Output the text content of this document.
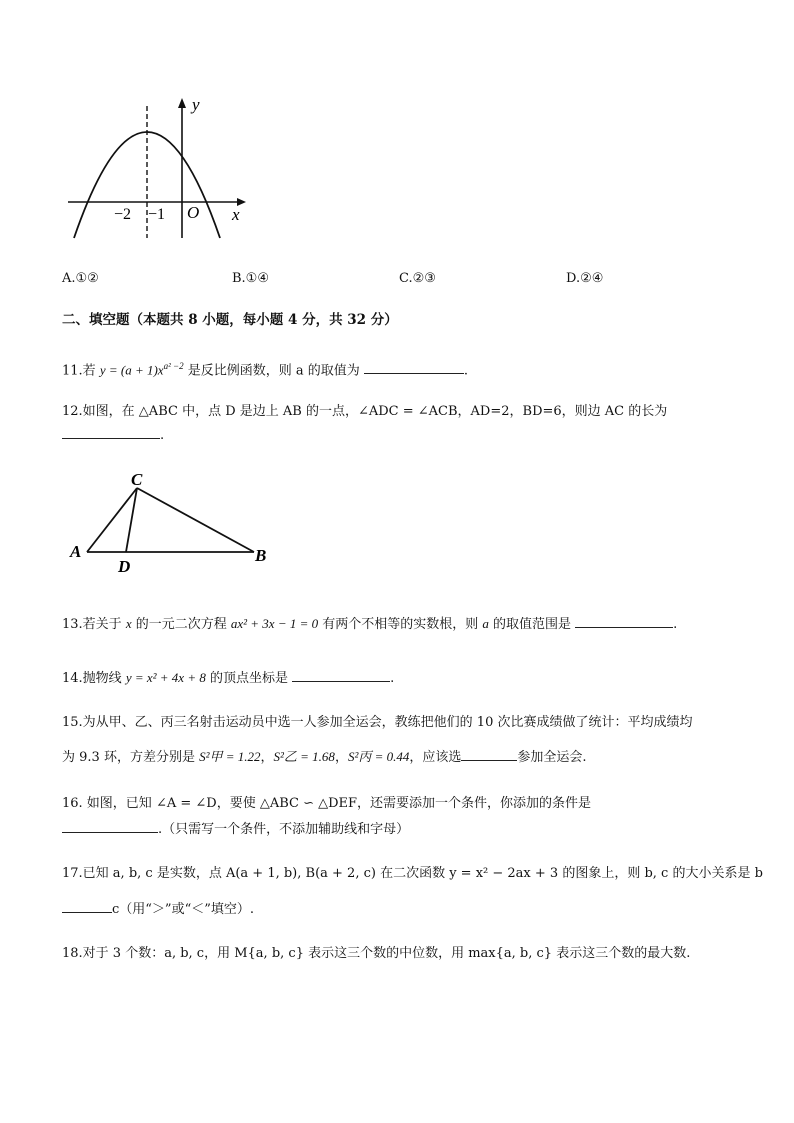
y
x
O
−2 −1
A.①②	B.①④	C.②③	D.②④
二、填空题（本题共 8 小题，每小题 4 分，共 32 分）
11.若 $y = (a + 1)x^{a^2 -2}$ 是反比例函数，则 a 的取值为	.
12.如图，在 △ABC 中，点 D 是边上 AB 的一点，∠ADC = ∠ACB，AD=2，BD=6，则边 AC 的长为
.
C
A	B
D
13.若关于 x 的一元二次方程 ax² + 3x − 1 = 0 有两个不相等的实数根，则 a 的取值范围是	.
14.抛物线 y = x² + 4x + 8 的顶点坐标是	.
15.为从甲、乙、丙三名射击运动员中选一人参加全运会，教练把他们的 10 次比赛成绩做了统计：平均成绩均
为 9.3 环，方差分别是 S²甲 = 1.22，S²乙 = 1.68，S²丙 = 0.44，应该选	参加全运会.
16. 如图，已知 ∠A = ∠D，要使 △ABC ∽ △DEF，还需要添加一个条件，你添加的条件是
.（只需写一个条件，不添加辅助线和字母）
17.已知 a, b, c 是实数，点 A(a + 1, b), B(a + 2, c) 在二次函数 y = x² − 2ax + 3 的图象上，则 b, c 的大小关系是 b
c（用“＞”或“＜”填空）.
18.对于 3 个数：a, b, c，用 M{a, b, c} 表示这三个数的中位数，用 max{a, b, c} 表示这三个数的最大数.
